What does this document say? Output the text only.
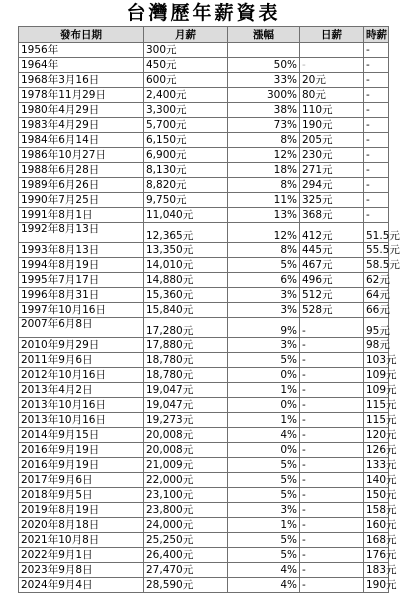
台灣歷年薪資表
發布日期	月薪	漲幅	日薪	時薪
1956年	300元			-
1964年	450元	50%	-	-
1968年3月16日	600元	33%	20元	-
1978年11月29日	2,400元	300%	80元	-
1980年4月29日	3,300元	38%	110元	-
1983年4月29日	5,700元	73%	190元	-
1984年6月14日	6,150元	8%	205元	-
1986年10月27日	6,900元	12%	230元	-
1988年6月28日	8,130元	18%	271元	-
1989年6月26日	8,820元	8%	294元	-
1990年7月25日	9,750元	11%	325元	-
1991年8月1日	11,040元	13%	368元	-
1992年8月13日	12,365元	12%	412元	51.5元
1993年8月13日	13,350元	8%	445元	55.5元
1994年8月19日	14,010元	5%	467元	58.5元
1995年7月17日	14,880元	6%	496元	62元
1996年8月31日	15,360元	3%	512元	64元
1997年10月16日	15,840元	3%	528元	66元
2007年6月8日	17,280元	9%	-	95元
2010年9月29日	17,880元	3%	-	98元
2011年9月6日	18,780元	5%	-	103元
2012年10月16日	18,780元	0%	-	109元
2013年4月2日	19,047元	1%	-	109元
2013年10月16日	19,047元	0%	-	115元
2013年10月16日	19,273元	1%	-	115元
2014年9月15日	20,008元	4%	-	120元
2016年9月19日	20,008元	0%	-	126元
2016年9月19日	21,009元	5%	-	133元
2017年9月6日	22,000元	5%	-	140元
2018年9月5日	23,100元	5%	-	150元
2019年8月19日	23,800元	3%	-	158元
2020年8月18日	24,000元	1%	-	160元
2021年10月8日	25,250元	5%	-	168元
2022年9月1日	26,400元	5%	-	176元
2023年9月8日	27,470元	4%	-	183元
2024年9月4日	28,590元	4%	-	190元
